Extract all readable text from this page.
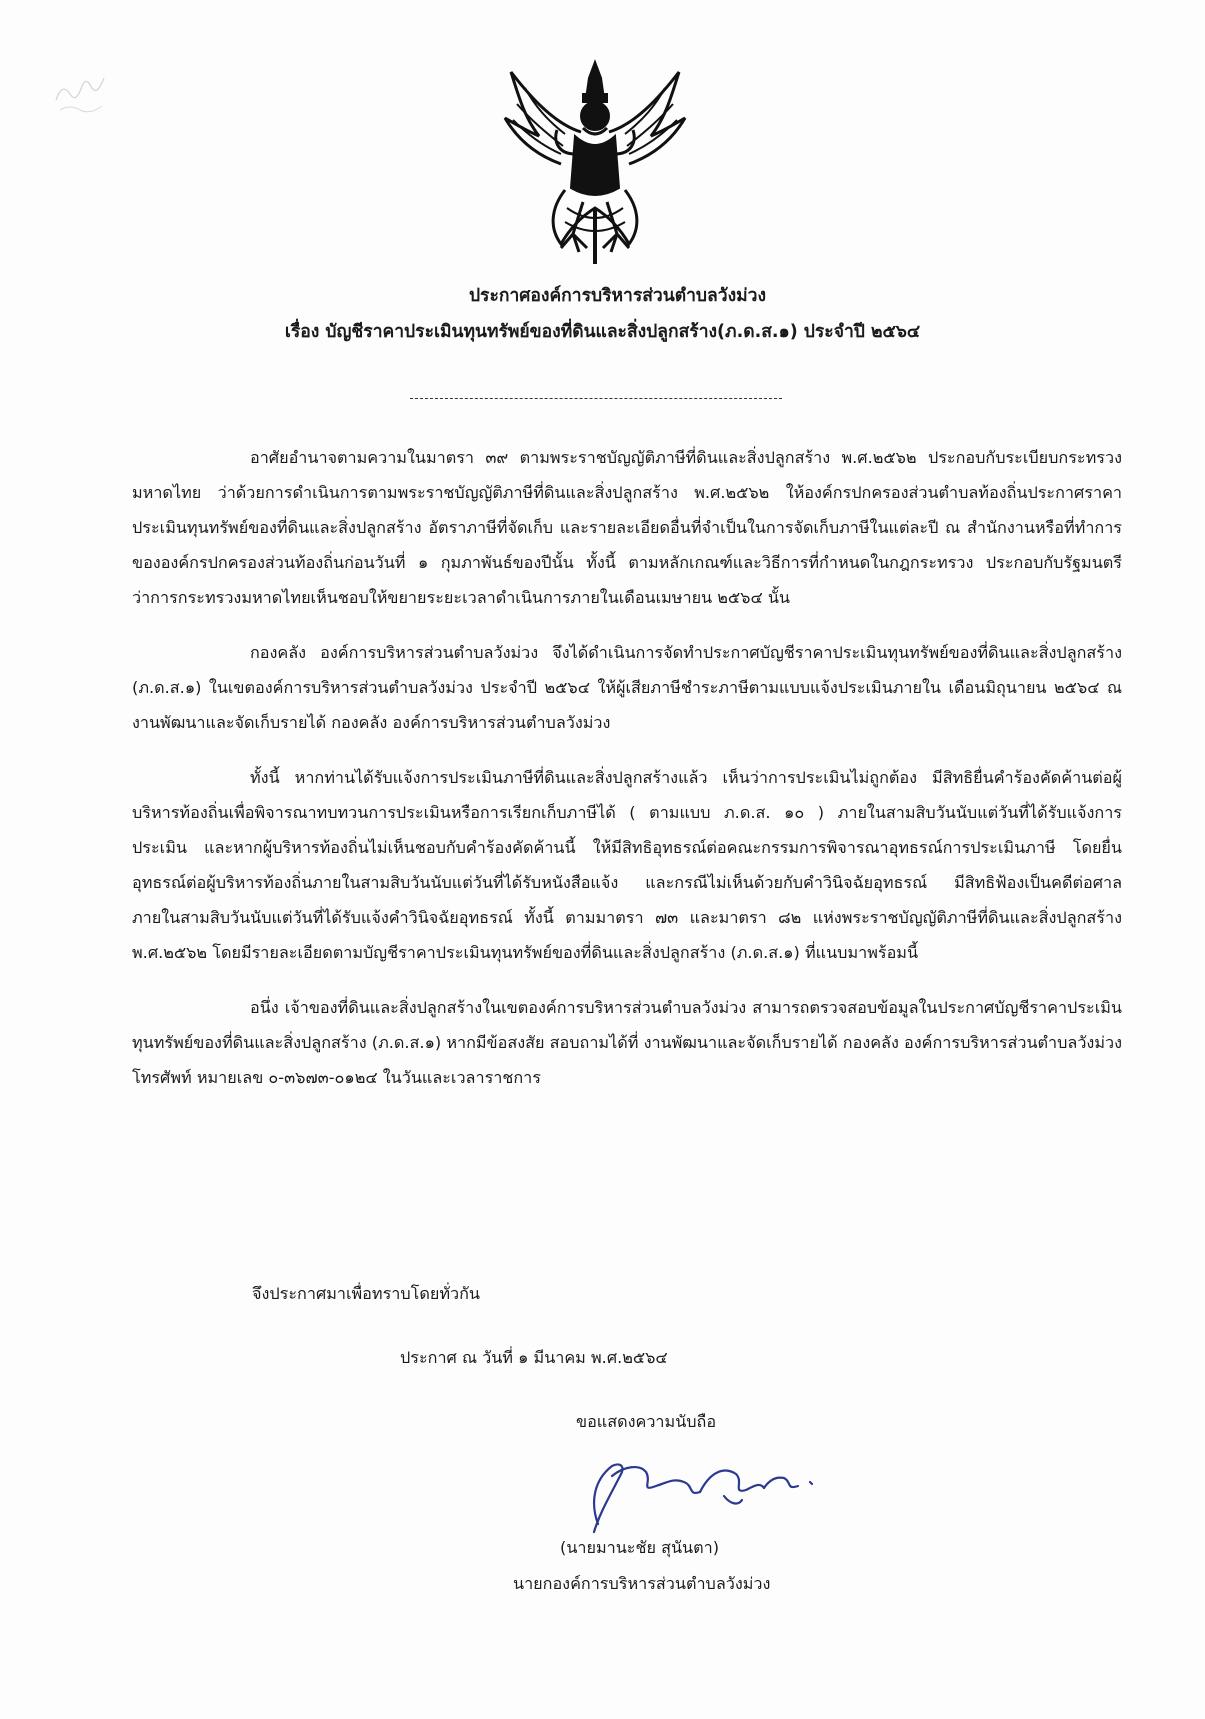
ประกาศองค์การบริหารส่วนตำบลวังม่วง
เรื่อง บัญชีราคาประเมินทุนทรัพย์ของที่ดินและสิ่งปลูกสร้าง(ภ.ด.ส.๑) ประจำปี ๒๕๖๔

อาศัยอำนาจตามความในมาตรา ๓๙ ตามพระราชบัญญัติภาษีที่ดินและสิ่งปลูกสร้าง พ.ศ.๒๕๖๒ ประกอบกับระเบียบกระทรวงมหาดไทย ว่าด้วยการดำเนินการตามพระราชบัญญัติภาษีที่ดินและสิ่งปลูกสร้าง พ.ศ.๒๕๖๒ ให้องค์กรปกครองส่วนตำบลท้องถิ่นประกาศราคาประเมินทุนทรัพย์ของที่ดินและสิ่งปลูกสร้าง อัตราภาษีที่จัดเก็บ และรายละเอียดอื่นที่จำเป็นในการจัดเก็บภาษีในแต่ละปี ณ สำนักงานหรือที่ทำการขององค์กรปกครองส่วนท้องถิ่นก่อนวันที่ ๑ กุมภาพันธ์ของปีนั้น ทั้งนี้ ตามหลักเกณฑ์และวิธีการที่กำหนดในกฎกระทรวง ประกอบกับรัฐมนตรีว่าการกระทรวงมหาดไทยเห็นชอบให้ขยายระยะเวลาดำเนินการภายในเดือนเมษายน ๒๕๖๔ นั้น

กองคลัง องค์การบริหารส่วนตำบลวังม่วง จึงได้ดำเนินการจัดทำประกาศบัญชีราคาประเมินทุนทรัพย์ของที่ดินและสิ่งปลูกสร้าง (ภ.ด.ส.๑) ในเขตองค์การบริหารส่วนตำบลวังม่วง ประจำปี ๒๕๖๔ ให้ผู้เสียภาษีชำระภาษีตามแบบแจ้งประเมินภายใน เดือนมิถุนายน ๒๕๖๔ ณ งานพัฒนาและจัดเก็บรายได้ กองคลัง องค์การบริหารส่วนตำบลวังม่วง

ทั้งนี้ หากท่านได้รับแจ้งการประเมินภาษีที่ดินและสิ่งปลูกสร้างแล้ว เห็นว่าการประเมินไม่ถูกต้อง มีสิทธิยื่นคำร้องคัดค้านต่อผู้บริหารท้องถิ่นเพื่อพิจารณาทบทวนการประเมินหรือการเรียกเก็บภาษีได้ ( ตามแบบ ภ.ด.ส. ๑๐ ) ภายในสามสิบวันนับแต่วันที่ได้รับแจ้งการประเมิน และหากผู้บริหารท้องถิ่นไม่เห็นชอบกับคำร้องคัดค้านนี้ ให้มีสิทธิอุทธรณ์ต่อคณะกรรมการพิจารณาอุทธรณ์การประเมินภาษี โดยยื่นอุทธรณ์ต่อผู้บริหารท้องถิ่นภายในสามสิบวันนับแต่วันที่ได้รับหนังสือแจ้ง และกรณีไม่เห็นด้วยกับคำวินิจฉัยอุทธรณ์ มีสิทธิฟ้องเป็นคดีต่อศาลภายในสามสิบวันนับแต่วันที่ได้รับแจ้งคำวินิจฉัยอุทธรณ์ ทั้งนี้ ตามมาตรา ๗๓ และมาตรา ๘๒ แห่งพระราชบัญญัติภาษีที่ดินและสิ่งปลูกสร้าง พ.ศ.๒๕๖๒ โดยมีรายละเอียดตามบัญชีราคาประเมินทุนทรัพย์ของที่ดินและสิ่งปลูกสร้าง (ภ.ด.ส.๑) ที่แนบมาพร้อมนี้

อนึ่ง เจ้าของที่ดินและสิ่งปลูกสร้างในเขตองค์การบริหารส่วนตำบลวังม่วง สามารถตรวจสอบข้อมูลในประกาศบัญชีราคาประเมินทุนทรัพย์ของที่ดินและสิ่งปลูกสร้าง (ภ.ด.ส.๑) หากมีข้อสงสัย สอบถามได้ที่ งานพัฒนาและจัดเก็บรายได้ กองคลัง องค์การบริหารส่วนตำบลวังม่วง โทรศัพท์ หมายเลข ๐-๓๖๗๓-๐๑๒๔ ในวันและเวลาราชการ

จึงประกาศมาเพื่อทราบโดยทั่วกัน
ประกาศ ณ วันที่ ๑ มีนาคม พ.ศ.๒๕๖๔
ขอแสดงความนับถือ
(นายมานะชัย สุนันตา)
นายกองค์การบริหารส่วนตำบลวังม่วง
